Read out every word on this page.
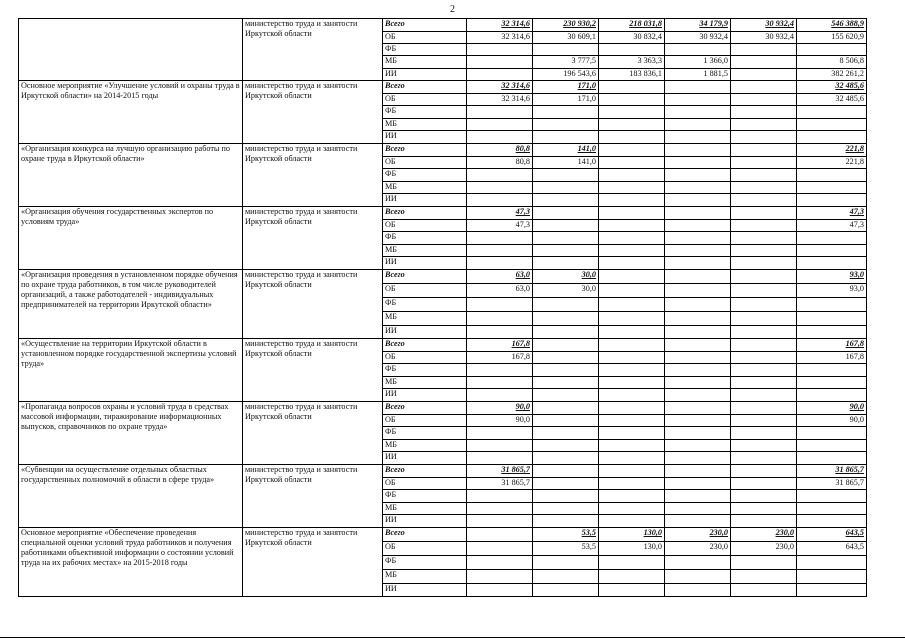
2
	министерство труда и занятости Иркутской области	Всего	32 314,6	230 930,2	218 031,8	34 179,9	30 932,4	546 388,9
		ОБ	32 314,6	30 609,1	30 832,4	30 932,4	30 932,4	155 620,9
		ФБ						
		МБ		3 777,5	3 363,3	1 366,0		8 506,8
		ИИ		196 543,6	183 836,1	1 881,5		382 261,2
Основное мероприятие «Улучшение условий и охраны труда в Иркутской области» на 2014-2015 годы	министерство труда и занятости Иркутской области	Всего	32 314,6	171,0				32 485,6
		ОБ	32 314,6	171,0				32 485,6
		ФБ						
		МБ						
		ИИ						
«Организация конкурса на лучшую организацию работы по охране труда в Иркутской области»	министерство труда и занятости Иркутской области	Всего	80,8	141,0				221,8
		ОБ	80,8	141,0				221,8
		ФБ						
		МБ						
		ИИ						
«Организация обучения государственных экспертов по условиям труда»	министерство труда и занятости Иркутской области	Всего	47,3					47,3
		ОБ	47,3					47,3
		ФБ						
		МБ						
		ИИ						
«Организация проведения в установленном порядке обучения по охране труда работников, в том числе руководителей организаций, а также работодателей - индивидуальных предпринимателей на территории Иркутской области»	министерство труда и занятости Иркутской области	Всего	63,0	30,0				93,0
		ОБ	63,0	30,0				93,0
		ФБ						
		МБ						
		ИИ						
«Осуществление на территории Иркутской области в установленном порядке государственной экспертизы условий труда»	министерство труда и занятости Иркутской области	Всего	167,8					167,8
		ОБ	167,8					167,8
		ФБ						
		МБ						
		ИИ						
«Пропаганда вопросов охраны и условий труда в средствах массовой информации, тиражирование информационных выпусков, справочников по охране труда»	министерство труда и занятости Иркутской области	Всего	90,0					90,0
		ОБ	90,0					90,0
		ФБ						
		МБ						
		ИИ						
«Субвенции на осуществление отдельных областных государственных полномочий в области в сфере труда»	министерство труда и занятости Иркутской области	Всего	31 865,7					31 865,7
		ОБ	31 865,7					31 865,7
		ФБ						
		МБ						
		ИИ						
Основное мероприятие «Обеспечение проведения специальной оценки условий труда работников и получения работниками объективной информации о состоянии условий труда на их рабочих местах» на 2015-2018 годы	министерство труда и занятости Иркутской области	Всего		53,5	130,0	230,0	230,0	643,5
		ОБ		53,5	130,0	230,0	230,0	643,5
		ФБ						
		МБ						
		ИИ						
